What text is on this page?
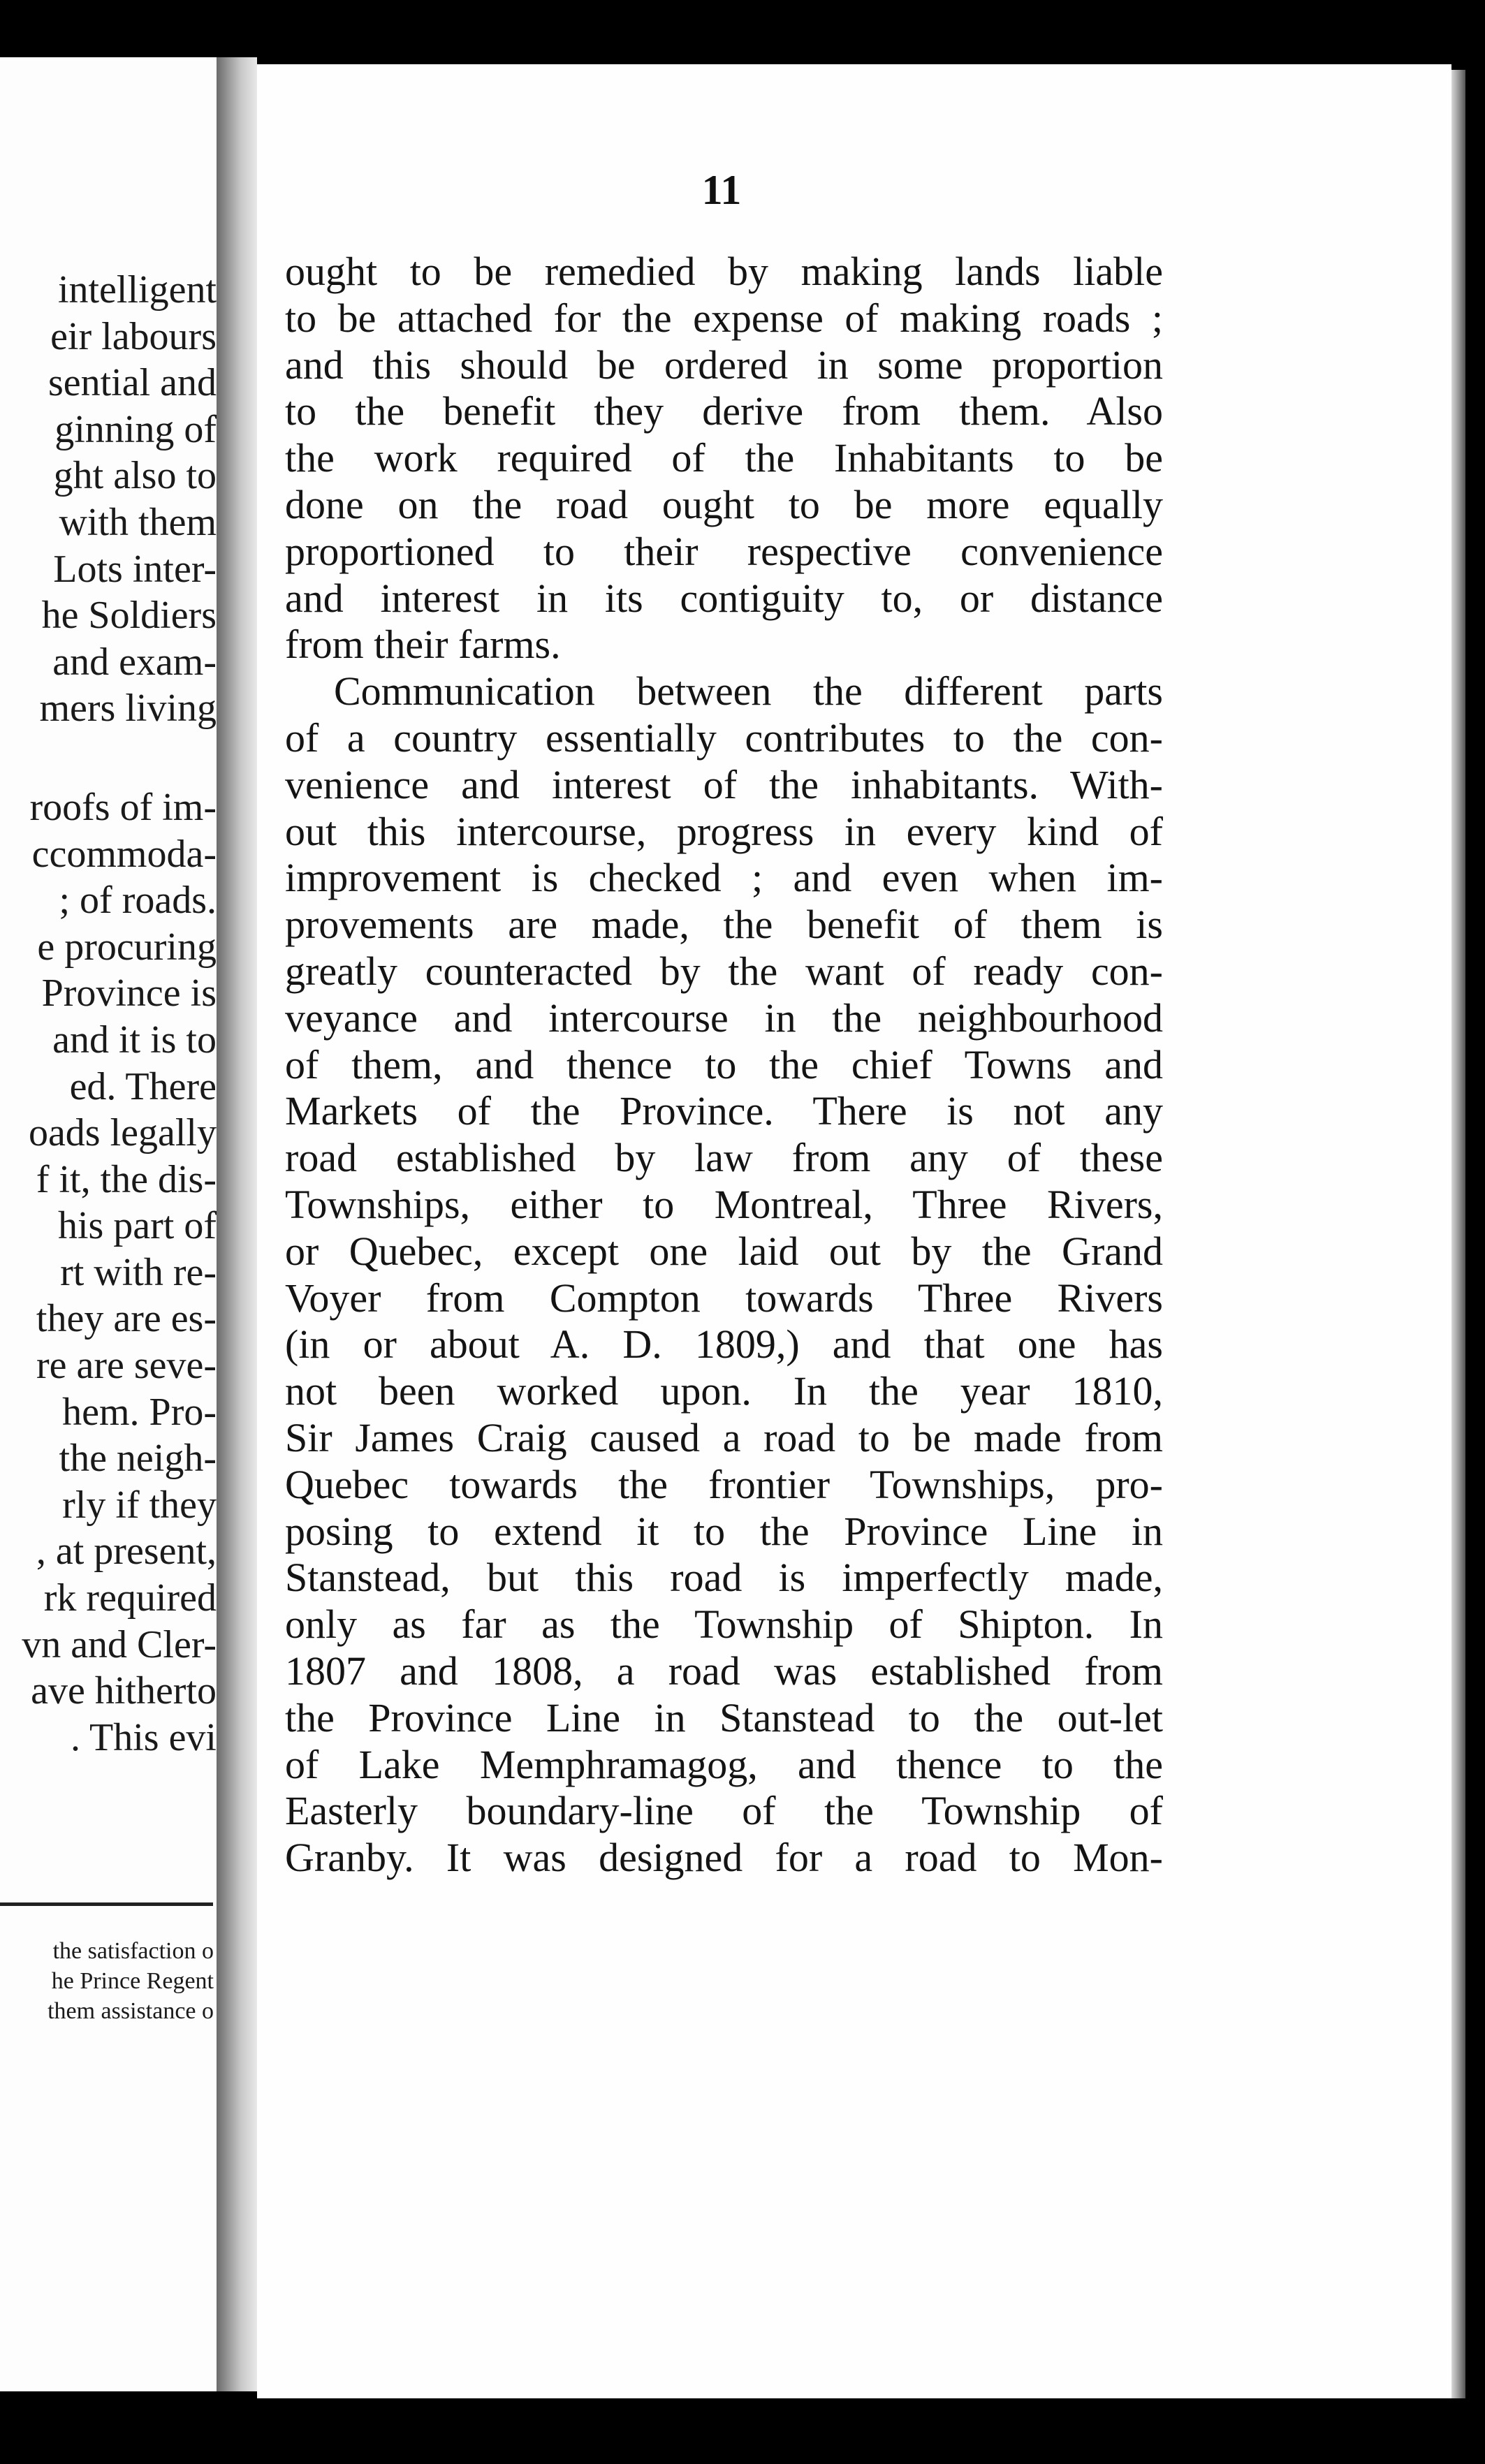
intelligent
eir labours
sential and
ginning of
ght also to
with them
Lots inter-
he Soldiers
and exam-
mers living
roofs of im-
ccommoda-
; of roads.
e procuring
Province is
and it is to
ed. There
oads legally
f it, the dis-
his part of
rt with re-
they are es-
re are seve-
hem. Pro-
the neigh-
rly if they
, at present,
rk required
vn and Cler-
ave hitherto
. This evi
the satisfaction o
he Prince Regent
them assistance o
11
ought to be remedied by making lands liable
to be attached for the expense of making roads ;
and this should be ordered in some proportion
to the benefit they derive from them. Also
the work required of the Inhabitants to be
done on the road ought to be more equally
proportioned to their respective convenience
and interest in its contiguity to, or distance
from their farms.
Communication between the different parts
of a country essentially contributes to the con-
venience and interest of the inhabitants. With-
out this intercourse, progress in every kind of
improvement is checked ; and even when im-
provements are made, the benefit of them is
greatly counteracted by the want of ready con-
veyance and intercourse in the neighbourhood
of them, and thence to the chief Towns and
Markets of the Province. There is not any
road established by law from any of these
Townships, either to Montreal, Three Rivers,
or Quebec, except one laid out by the Grand
Voyer from Compton towards Three Rivers
(in or about A. D. 1809,) and that one has
not been worked upon. In the year 1810,
Sir James Craig caused a road to be made from
Quebec towards the frontier Townships, pro-
posing to extend it to the Province Line in
Stanstead, but this road is imperfectly made,
only as far as the Township of Shipton. In
1807 and 1808, a road was established from
the Province Line in Stanstead to the out-let
of Lake Memphramagog, and thence to the
Easterly boundary-line of the Township of
Granby. It was designed for a road to Mon-
